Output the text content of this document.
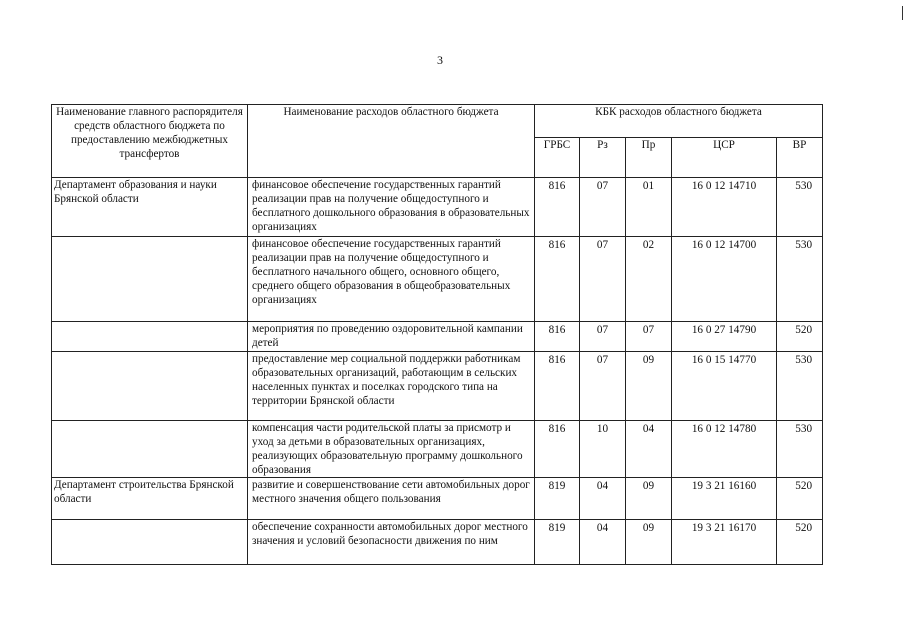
3
Наименование главного распорядителя средств областного бюджета по предоставлению межбюджетных трансфертов	Наименование расходов областного бюджета	КБК расходов областного бюджета				
		ГРБС	Рз	Пр	ЦСР	ВР
Департамент образования и науки Брянской области	финансовое обеспечение государственных гарантий реализации прав на получение общедоступного и бесплатного дошкольного образования в образовательных организациях	816	07	01	16 0 12 14710	530
	финансовое обеспечение государственных гарантий реализации прав на получение общедоступного и бесплатного начального общего, основного общего, среднего общего образования в общеобразовательных организациях	816	07	02	16 0 12 14700	530
	мероприятия по проведению оздоровительной кампании детей	816	07	07	16 0 27 14790	520
	предоставление мер социальной поддержки работникам образовательных организаций, работающим в сельских населенных пунктах и поселках городского типа на территории Брянской области	816	07	09	16 0 15 14770	530
	компенсация части родительской платы за присмотр и уход за детьми в образовательных организациях, реализующих образовательную программу дошкольного образования	816	10	04	16 0 12 14780	530
Департамент строительства Брянской области	развитие и совершенствование сети автомобильных дорог местного значения общего пользования	819	04	09	19 3 21 16160	520
	обеспечение сохранности автомобильных дорог местного значения и условий безопасности движения по ним	819	04	09	19 3 21 16170	520
